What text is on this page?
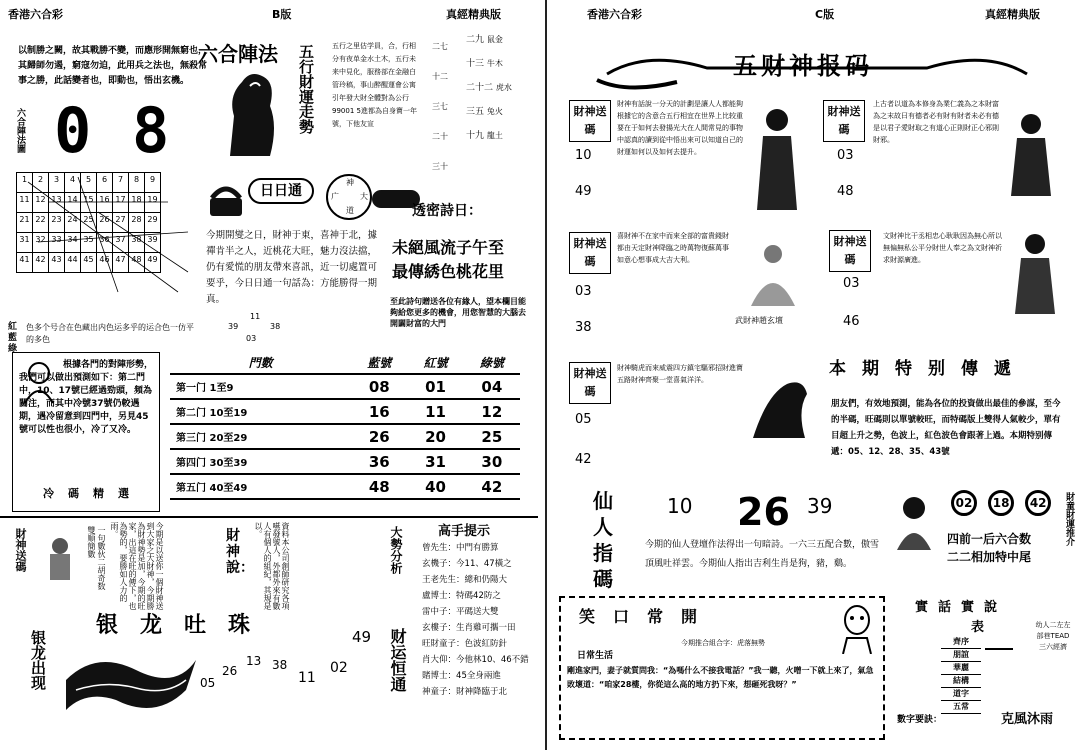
香港六合彩	B版	真經精典版
以制勝之闕，故其戰勝不變，而應形開無窮也，其歸師勿遏，窮寇勿迫，此用兵之法也，無殺常事之勝，此話變者也，即動也，悟出玄機。
六合陣法圖 0 8
六合陣法 五行財運走勢 五行之里估学員，合，行相分有夜单金水土木，五行未来中見化，服務部在金融白管玲稿，事山醉醒運會公寓引年發大財全體對為公行99001 5進都為自身寶一年號，下他友宣
二七
十二
三七
二十
三十
二九 鼠金
十三 牛木
二十二 虎水
三五 兔火
十九 龍土
1	2	3	4	5	6	7	8	9
11	12	13	14	15	16	17	18	19
21	22	23	24	25	26	27	28	29
31	32	33	34	35	36	37	38	39
41	42	43	44	45	46	47	48	49
紅藍綠
色多个号合在色藏出内色运多乎的运合色一仿平的多色
日日通
神
大
广
道
今期開燮之日，財神于東，喜神于北，據禪肯半之人，近桃花大旺，魅力沒法擋，仍有愛慌的朋友帶來喜訊，近一切處置可要乎，今日日通一句話為：方能勝得一期真。
11
39	38
03
透密詩日：
未絕風流子午至
最傳綉色桃花里
至此詩句贈送各位有緣人，望本欄目能夠給您更多的機會，用您智慧的大腦去開闢財富的大門
根據各門的對陣形勢，我們可以做出預測如下：第二門中，10、17號已經過勁頭，頻為關注，而其中冷號37號仍較遇期，遇冷留意到四門中，另見45號可以性也很小，冷了又冷。
冷碼精選
門數	藍號	紅號	綠號
第一门 1至9	08	01	04
第二门 10至19	16	11	12
第三门 20至29	26	20	25
第四门 30至39	36	31	30
第五门 40至49	48	40	42
財神送碼	一句數伙二胡奇数雙順簡數	今期是以送你一個財神送到大家之大財神，今期勝為財神勢是加，今期的旺家，出這在旺的傳下，也為勢的，要勝如人力的雨。	財神說：	資料本公司創師研究各項嚥發號人，外都外來有數人有個人的組紀，其規是以。	大勢分析	高手提示
曾先生：中門有勝算
玄機子：今11、47橫之
王老先生：總和仍陽大
盧博士：特碼42防之
雷中子：平碼送大雙
玄樓子：生肖雞可攜一田
旺財童子：色波紅防針
肖大仰：今他林10、46不錯
賭博士：45全身兩進
神童子：財神降臨于北
银龙吐珠
银龙出现	05
26
13 38
11
02
49 财运恒通
香港六合彩	C版	真經精典版
五财神报码
財神送碼
10
49
財神有話說一分天的計劃是讓人人都能夠根據它的含意合五行相宜在世界上比较重要在于如何去發揚光大在人間常見的事物中認真的讀到從中悟出來可以知道自己的財運如何以及如何去提升。
財神送碼
03
48
上古者以道為本修身為業仁義為之本財富為之末故曰有德者必有財有財者未必有德是以君子愛財取之有道心正則財正心邪則財邪。
財神送碼
03
38
喜財神不在家中而來全部的富貴錢財都由天定財神降臨之時萬物復蘇萬事如意心想事成大吉大利。
武財神趙玄壇
財神送碼
03
46
文財神比干丞相忠心耿耿因為無心所以無偏無私公平分財世人奉之為文財神祈求財源廣進。
財神送碼
05
42
財神騎虎而來威震四方鎮宅驅邪招財進寶五路財神齊聚一堂喜氣洋洋。
本期特别傳遞
朋友們，有效地預測，能為各位的投資做出最佳的參謀，至今的半碼，旺碼則以單號較旺，而特碼版上雙得人氣較少，單有目超上升之勢，色波上，紅色波色會跟著上過。本期特别傳遞：05、12、28、35、43號
仙人指碼
10 26 39
今期的仙人登壇作法得出一句暗詩。一六三五配合數，傲雪頂風吐祥雲。今期仙人指出吉利生肖是狗，豬，鷄。
02 18 42	財童財運推介
四前一后六合数
二二相加特中尾
笑口常開
今期推合組合字：虎落無勢
日常生活
剛進家門，妻子就質問我：“為嗎什么不接我電話？”我一聽，火噌一下就上來了，氣急敗壞道：“咱家28樓，你從這么高的地方扔下來，想砸死我呀？”
實話實說
表
齊序
朋誼
華麗
結構
道字
五常
幼人二左左部巷TEAD三六經濟
數字要訣：	克風沐雨
